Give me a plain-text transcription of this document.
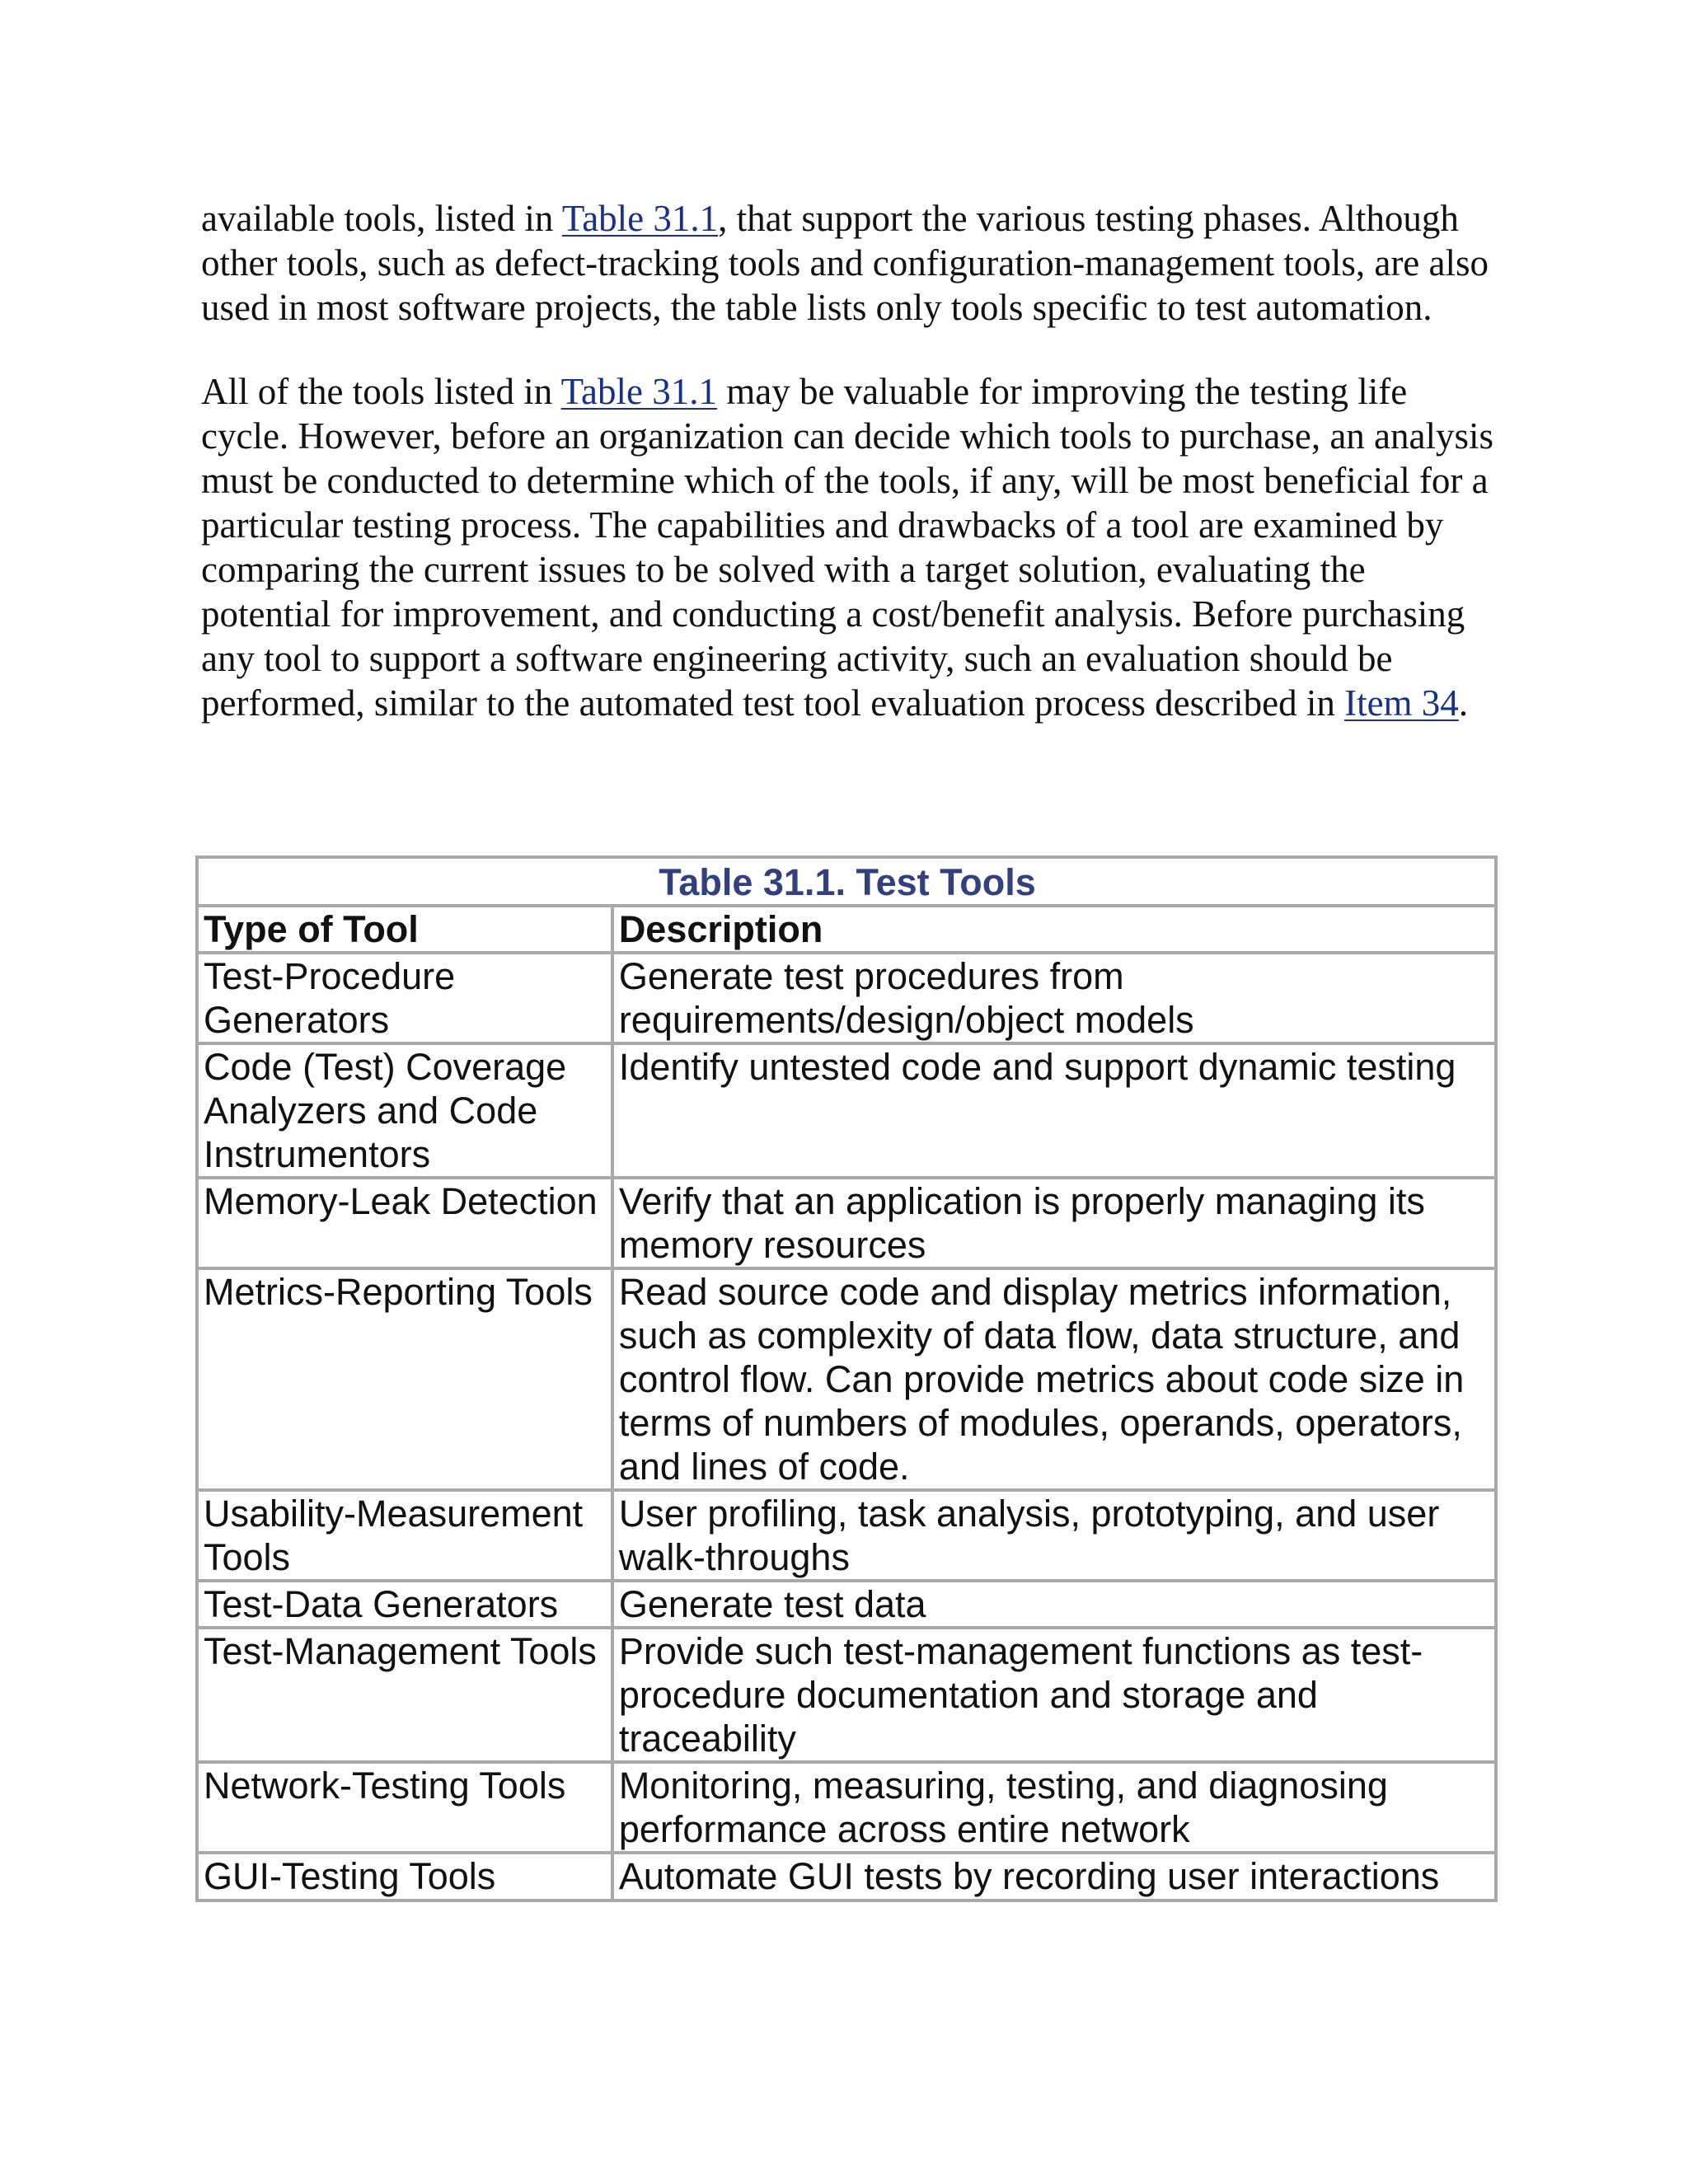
available tools, listed in Table 31.1, that support the various testing phases. Although other tools, such as defect-tracking tools and configuration-management tools, are also used in most software projects, the table lists only tools specific to test automation.

All of the tools listed in Table 31.1 may be valuable for improving the testing life cycle. However, before an organization can decide which tools to purchase, an analysis must be conducted to determine which of the tools, if any, will be most beneficial for a particular testing process. The capabilities and drawbacks of a tool are examined by comparing the current issues to be solved with a target solution, evaluating the potential for improvement, and conducting a cost/benefit analysis. Before purchasing any tool to support a software engineering activity, such an evaluation should be performed, similar to the automated test tool evaluation process described in Item 34.

Table 31.1. Test Tools	
Type of Tool	Description
Test-Procedure Generators	Generate test procedures from requirements/design/object models
Code (Test) Coverage Analyzers and Code Instrumentors	Identify untested code and support dynamic testing
Memory-Leak Detection	Verify that an application is properly managing its memory resources
Metrics-Reporting Tools	Read source code and display metrics information, such as complexity of data flow, data structure, and control flow. Can provide metrics about code size in terms of numbers of modules, operands, operators, and lines of code.
Usability-Measurement Tools	User profiling, task analysis, prototyping, and user walk-throughs
Test-Data Generators	Generate test data
Test-Management Tools	Provide such test-management functions as test-procedure documentation and storage and traceability
Network-Testing Tools	Monitoring, measuring, testing, and diagnosing performance across entire network

GUI-Testing Tools	Automate GUI tests by recording user interactions
